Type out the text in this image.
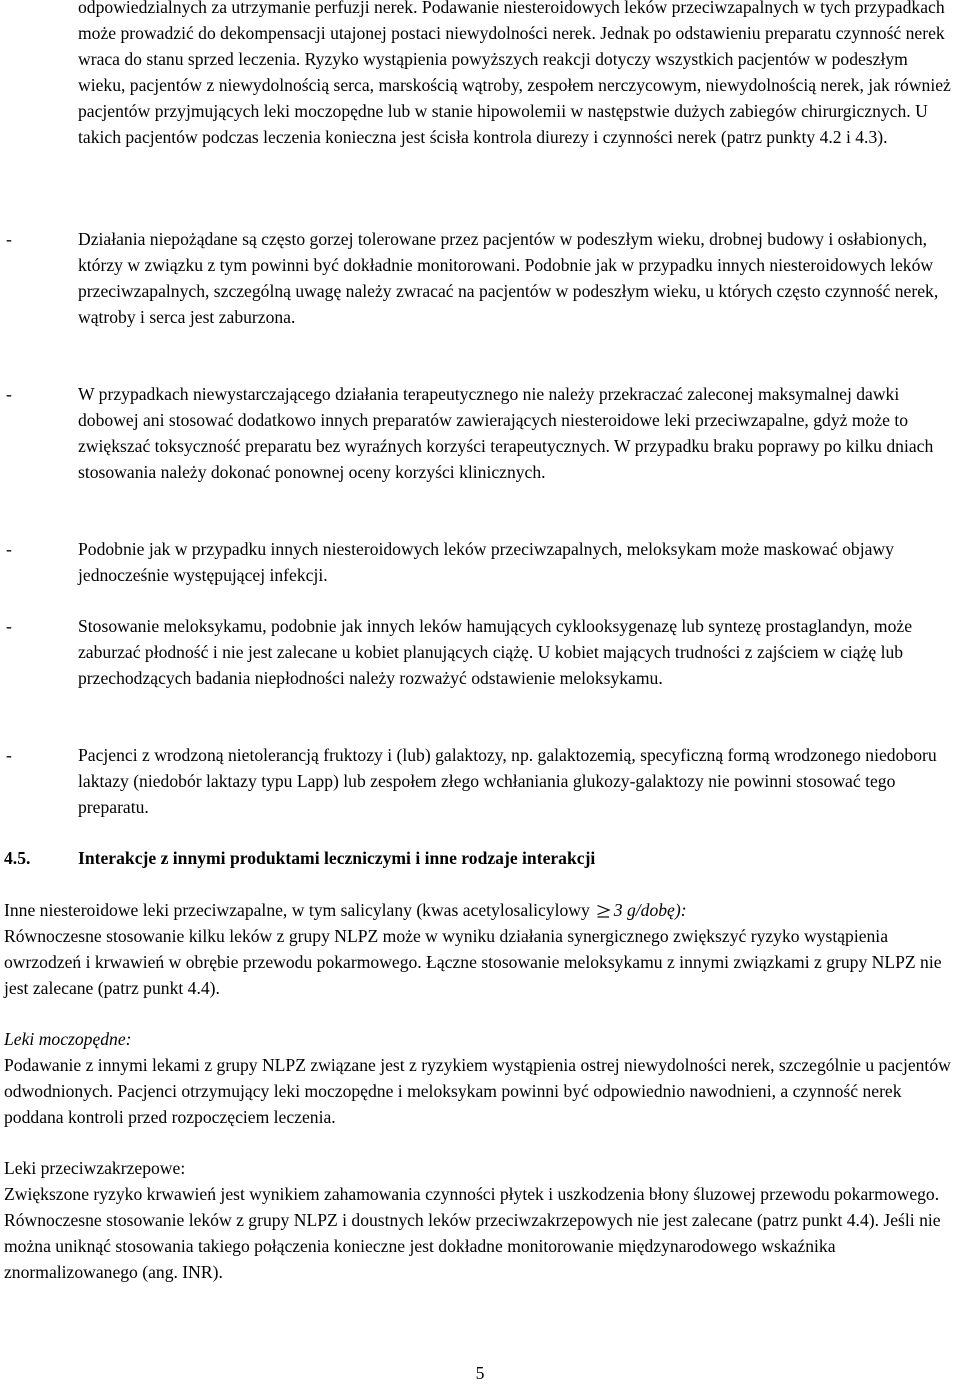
odpowiedzialnych za utrzymanie perfuzji nerek. Podawanie niesteroidowych leków przeciwzapalnych w tych przypadkach może prowadzić do dekompensacji utajonej postaci niewydolności nerek. Jednak po odstawieniu preparatu czynność nerek wraca do stanu sprzed leczenia. Ryzyko wystąpienia powyższych reakcji dotyczy wszystkich pacjentów w podeszłym wieku, pacjentów z niewydolnością serca, marskością wątroby, zespołem nerczycowym, niewydolnością nerek, jak również pacjentów przyjmujących leki moczopędne lub w stanie hipowolemii w następstwie dużych zabiegów chirurgicznych. U takich pacjentów podczas leczenia konieczna jest ścisła kontrola diurezy i czynności nerek (patrz punkty 4.2 i 4.3).

-	Działania niepożądane są często gorzej tolerowane przez pacjentów w podeszłym wieku, drobnej budowy i osłabionych, którzy w związku z tym powinni być dokładnie monitorowani. Podobnie jak w przypadku innych niesteroidowych leków przeciwzapalnych, szczególną uwagę należy zwracać na pacjentów w podeszłym wieku, u których często czynność nerek, wątroby i serca jest zaburzona.

-	W przypadkach niewystarczającego działania terapeutycznego nie należy przekraczać zaleconej maksymalnej dawki dobowej ani stosować dodatkowo innych preparatów zawierających niesteroidowe leki przeciwzapalne, gdyż może to zwiększać toksyczność preparatu bez wyraźnych korzyści terapeutycznych. W przypadku braku poprawy po kilku dniach stosowania należy dokonać ponownej oceny korzyści klinicznych.

-	Podobnie jak w przypadku innych niesteroidowych leków przeciwzapalnych, meloksykam może maskować objawy jednocześnie występującej infekcji.

-	Stosowanie meloksykamu, podobnie jak innych leków hamujących cyklooksygenazę lub syntezę prostaglandyn, może zaburzać płodność i nie jest zalecane u kobiet planujących ciążę. U kobiet mających trudności z zajściem w ciążę lub przechodzących badania niepłodności należy rozważyć odstawienie meloksykamu.

-	Pacjenci z wrodzoną nietolerancją fruktozy i (lub) galaktozy, np. galaktozemią, specyficzną formą wrodzonego niedoboru laktazy (niedobór laktazy typu Lapp) lub zespołem złego wchłaniania glukozy-galaktozy nie powinni stosować tego preparatu.

4.5.	Interakcje z innymi produktami leczniczymi i inne rodzaje interakcji

Inne niesteroidowe leki przeciwzapalne, w tym salicylany (kwas acetylosalicylowy 3 g/dobę):

Równoczesne stosowanie kilku leków z grupy NLPZ może w wyniku działania synergicznego zwiększyć ryzyko wystąpienia owrzodzeń i krwawień w obrębie przewodu pokarmowego. Łączne stosowanie meloksykamu z innymi związkami z grupy NLPZ nie jest zalecane (patrz punkt 4.4).

Leki moczopędne:

Podawanie z innymi lekami z grupy NLPZ związane jest z ryzykiem wystąpienia ostrej niewydolności nerek, szczególnie u pacjentów odwodnionych. Pacjenci otrzymujący leki moczopędne i meloksykam powinni być odpowiednio nawodnieni, a czynność nerek poddana kontroli przed rozpoczęciem leczenia.

Leki przeciwzakrzepowe:

Zwiększone ryzyko krwawień jest wynikiem zahamowania czynności płytek i uszkodzenia błony śluzowej przewodu pokarmowego. Równoczesne stosowanie leków z grupy NLPZ i doustnych leków przeciwzakrzepowych nie jest zalecane (patrz punkt 4.4). Jeśli nie można uniknąć stosowania takiego połączenia konieczne jest dokładne monitorowanie międzynarodowego wskaźnika znormalizowanego (ang. INR).

5
